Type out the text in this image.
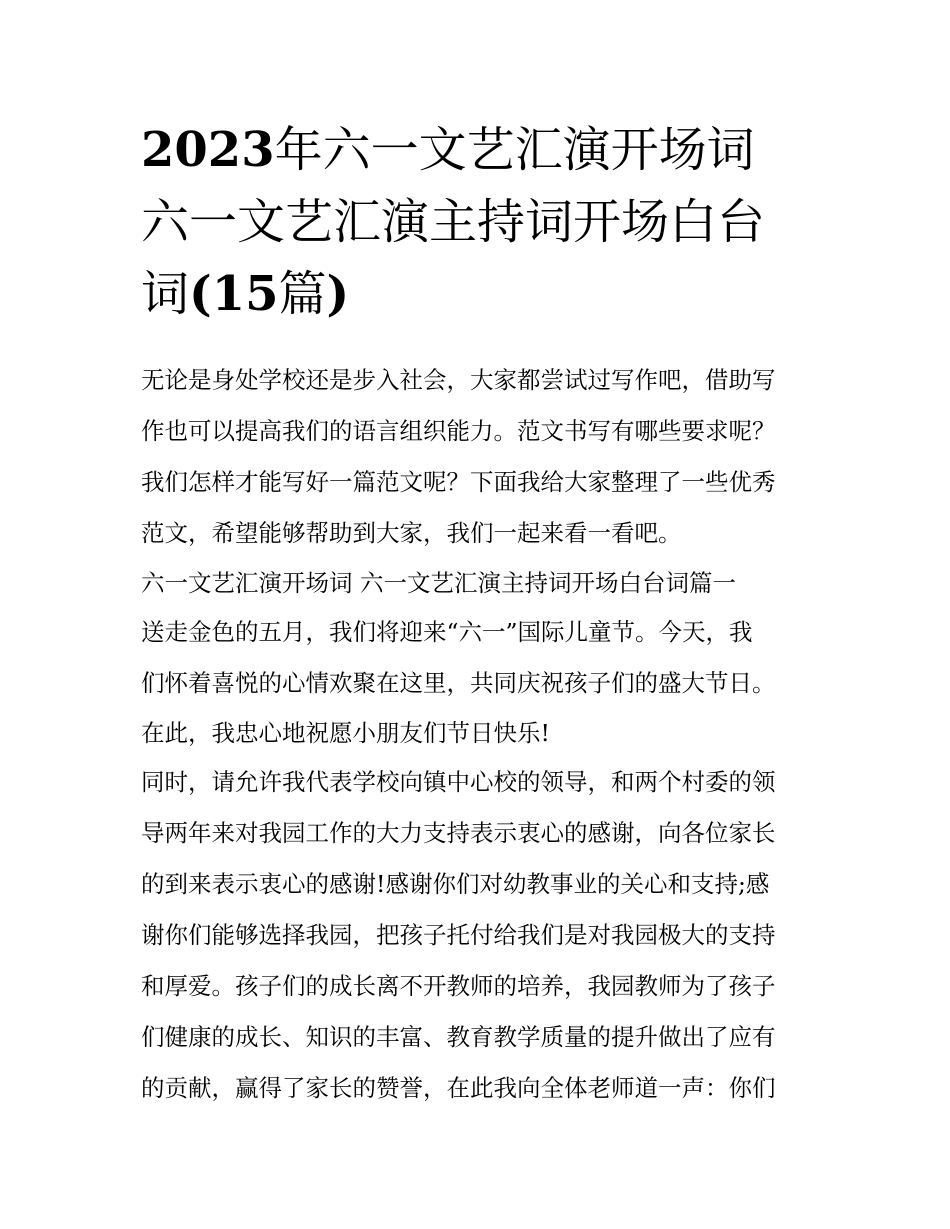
2023年六一文艺汇演开场词
六一文艺汇演主持词开场白台
词(15篇)
无论是身处学校还是步入社会，大家都尝试过写作吧，借助写
作也可以提高我们的语言组织能力。范文书写有哪些要求呢？
我们怎样才能写好一篇范文呢？下面我给大家整理了一些优秀
范文，希望能够帮助到大家，我们一起来看一看吧。
六一文艺汇演开场词 六一文艺汇演主持词开场白台词篇一
送走金色的五月，我们将迎来“六一”国际儿童节。今天，我
们怀着喜悦的心情欢聚在这里，共同庆祝孩子们的盛大节日。
在此，我忠心地祝愿小朋友们节日快乐!
同时，请允许我代表学校向镇中心校的领导，和两个村委的领
导两年来对我园工作的大力支持表示衷心的感谢，向各位家长
的到来表示衷心的感谢!感谢你们对幼教事业的关心和支持;感
谢你们能够选择我园，把孩子托付给我们是对我园极大的支持
和厚爱。孩子们的成长离不开教师的培养，我园教师为了孩子
们健康的成长、知识的丰富、教育教学质量的提升做出了应有
的贡献，赢得了家长的赞誉，在此我向全体老师道一声：你们
